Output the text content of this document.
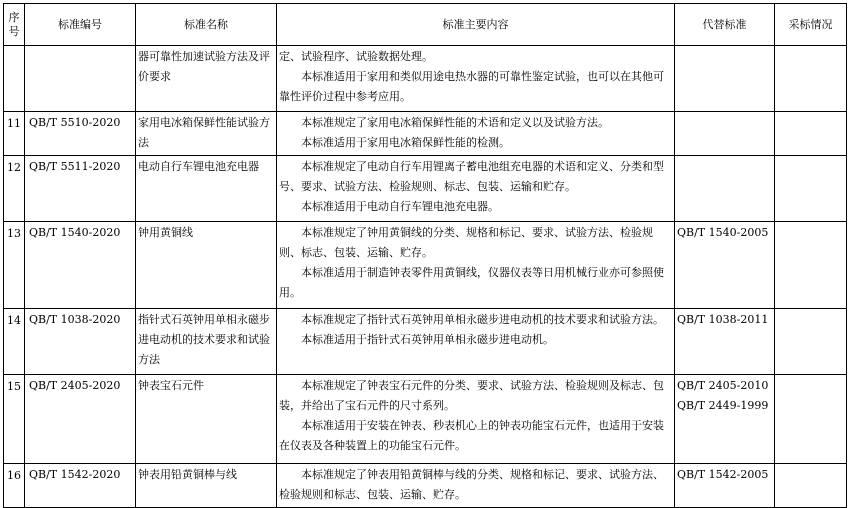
序号	标准编号	标准名称	标准主要内容	代替标准	采标情况
		器可靠性加速试验方法及评价要求	定、试验程序、试验数据处理。
本标准适用于家用和类似用途电热水器的可靠性鉴定试验，也可以在其他可靠性评价过程中参考应用。		

11	QB/T 5510-2020	家用电冰箱保鲜性能试验方法	本标准规定了家用电冰箱保鲜性能的术语和定义以及试验方法。
本标准适用于家用电冰箱保鲜性能的检测。		

12	QB/T 5511-2020	电动自行车锂电池充电器	本标准规定了电动自行车用锂离子蓄电池组充电器的术语和定义、分类和型号、要求、试验方法、检验规则、标志、包装、运输和贮存。
本标准适用于电动自行车锂电池充电器。		

13	QB/T 1540-2020	钟用黄铜线	本标准规定了钟用黄铜线的分类、规格和标记、要求、试验方法、检验规则、标志、包装、运输、贮存。
本标准适用于制造钟表零件用黄铜线，仪器仪表等日用机械行业亦可参照使用。	QB/T 1540-2005	

14	QB/T 1038-2020	指针式石英钟用单相永磁步进电动机的技术要求和试验方法	本标准规定了指针式石英钟用单相永磁步进电动机的技术要求和试验方法。
本标准适用于指针式石英钟用单相永磁步进电动机。	QB/T 1038-2011	

15	QB/T 2405-2020	钟表宝石元件	本标准规定了钟表宝石元件的分类、要求、试验方法、检验规则及标志、包装，并给出了宝石元件的尺寸系列。
本标准适用于安装在钟表、秒表机心上的钟表功能宝石元件，也适用于安装在仪表及各种装置上的功能宝石元件。	QB/T 2405-2010
QB/T 2449-1999	

16	QB/T 1542-2020	钟表用铅黄铜棒与线	本标准规定了钟表用铅黄铜棒与线的分类、规格和标记、要求、试验方法、检验规则和标志、包装、运输、贮存。	QB/T 1542-2005	
